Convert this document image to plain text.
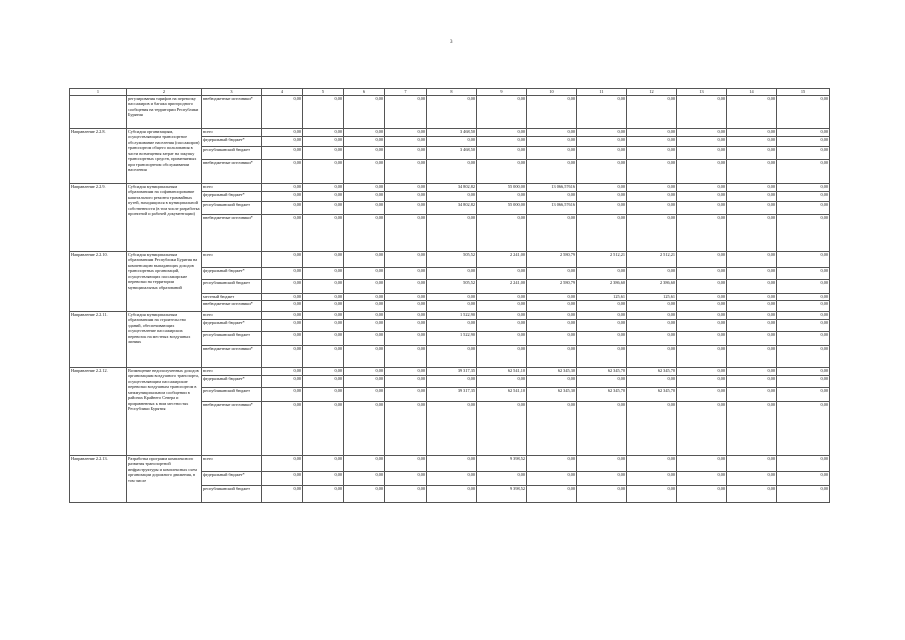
3
1	2	3	4	5	6	7	8	9	10	11	12	13	14	15
	регулирования тарифов на перевозку пассажиров и багажа пригородного сообщения на территории Республики Бурятия	внебюджетные источники*	0,00	0,00	0,00	0,00	0,00	0,00	0,00	0,00	0,00	0,00	0,00	0,00
Направление 2.2.8.	Субсидия организациям, осуществляющим транспортное обслуживание населения (пассажиров) транспортом общего пользования в части возмещения затрат на закупку транспортных средств, применяемых при транспортном обслуживании населения	всего	0,00	0,00	0,00	0,00	3 468,50	0,00	0,00	0,00	0,00	0,00	0,00	0,00
		федеральный бюджет*	0,00	0,00	0,00	0,00	0,00	0,00	0,00	0,00	0,00	0,00	0,00	0,00
		республиканский бюджет	0,00	0,00	0,00	0,00	3 468,50	0,00	0,00	0,00	0,00	0,00	0,00	0,00
		внебюджетные источники*	0,00	0,00	0,00	0,00	0,00	0,00	0,00	0,00	0,00	0,00	0,00	0,00
Направление 2.2.9.	Субсидия муниципальным образованиям на софинансирование капитального ремонта трамвайных путей, находящихся в муниципальной собственности (в том числе разработка проектной и рабочей документации)	всего	0,00	0,00	0,00	0,00	34 802,82	55 000,00	13 066,57616	0,00	0,00	0,00	0,00	0,00
		федеральный бюджет*	0,00	0,00	0,00	0,00	0,00	0,00	0,00	0,00	0,00	0,00	0,00	0,00
		республиканский бюджет	0,00	0,00	0,00	0,00	34 802,82	55 000,00	13 066,57616	0,00	0,00	0,00	0,00	0,00
		внебюджетные источники*	0,00	0,00	0,00	0,00	0,00	0,00	0,00	0,00	0,00	0,00	0,00	0,00
Направление 2.2.10.	Субсидия муниципальным образованиям Республики Бурятия на компенсацию выпадающих доходов транспортных организаций, осуществляющих пассажирские перевозки на территории муниципальных образований	всего	0,00	0,00	0,00	0,00	505,52	2 241,00	2 580,79	2 512,21	2 512,21	0,00	0,00	0,00
		федеральный бюджет*	0,00	0,00	0,00	0,00	0,00	0,00	0,00	0,00	0,00	0,00	0,00	0,00
		республиканский бюджет	0,00	0,00	0,00	0,00	505,52	2 241,00	2 580,79	2 386,60	2 386,60	0,00	0,00	0,00
		местный бюджет	0,00	0,00	0,00	0,00	0,00	0,00	0,00	125,61	125,61	0,00	0,00	0,00
		внебюджетные источники*	0,00	0,00	0,00	0,00	0,00	0,00	0,00	0,00	0,00	0,00	0,00	0,00
Направление 2.2.11.	Субсидия муниципальным образованиям на строительство зданий, обеспечивающих осуществление пассажирских перевозок на местных воздушных линиях	всего	0,00	0,00	0,00	0,00	1 522,90	0,00	0,00	0,00	0,00	0,00	0,00	0,00
		федеральный бюджет*	0,00	0,00	0,00	0,00	0,00	0,00	0,00	0,00	0,00	0,00	0,00	0,00
		республиканский бюджет	0,00	0,00	0,00	0,00	1 522,90	0,00	0,00	0,00	0,00	0,00	0,00	0,00
		внебюджетные источники*	0,00	0,00	0,00	0,00	0,00	0,00	0,00	0,00	0,00	0,00	0,00	0,00
Направление 2.2.12.	Возмещение недополученных доходов организациям воздушного транспорта, осуществляющим пассажирские перевозки воздушным транспортом в межмуниципальном сообщении в районах Крайнего Севера и приравненных к ним местностях Республики Бурятия	всего	0,00	0,00	0,00	0,00	39 317,35	62 541,10	62 345,30	62 345,70	62 345,70	0,00	0,00	0,00
		федеральный бюджет*	0,00	0,00	0,00	0,00	0,00	0,00	0,00	0,00	0,00	0,00	0,00	0,00
		республиканский бюджет	0,00	0,00	0,00	0,00	39 317,35	62 541,10	62 345,30	62 345,70	62 345,70	0,00	0,00	0,00
		внебюджетные источники*	0,00	0,00	0,00	0,00	0,00	0,00	0,00	0,00	0,00	0,00	0,00	0,00
Направление 2.2.13.	Разработка программ комплексного развития транспортной инфраструктуры и комплексных схем организации дорожного движения, в том числе	всего	0,00	0,00	0,00	0,00	0,00	9 398,52	0,00	0,00	0,00	0,00	0,00	0,00
		федеральный бюджет*	0,00	0,00	0,00	0,00	0,00	0,00	0,00	0,00	0,00	0,00	0,00	0,00
		республиканский бюджет	0,00	0,00	0,00	0,00	0,00	9 398,52	0,00	0,00	0,00	0,00	0,00	0,00
